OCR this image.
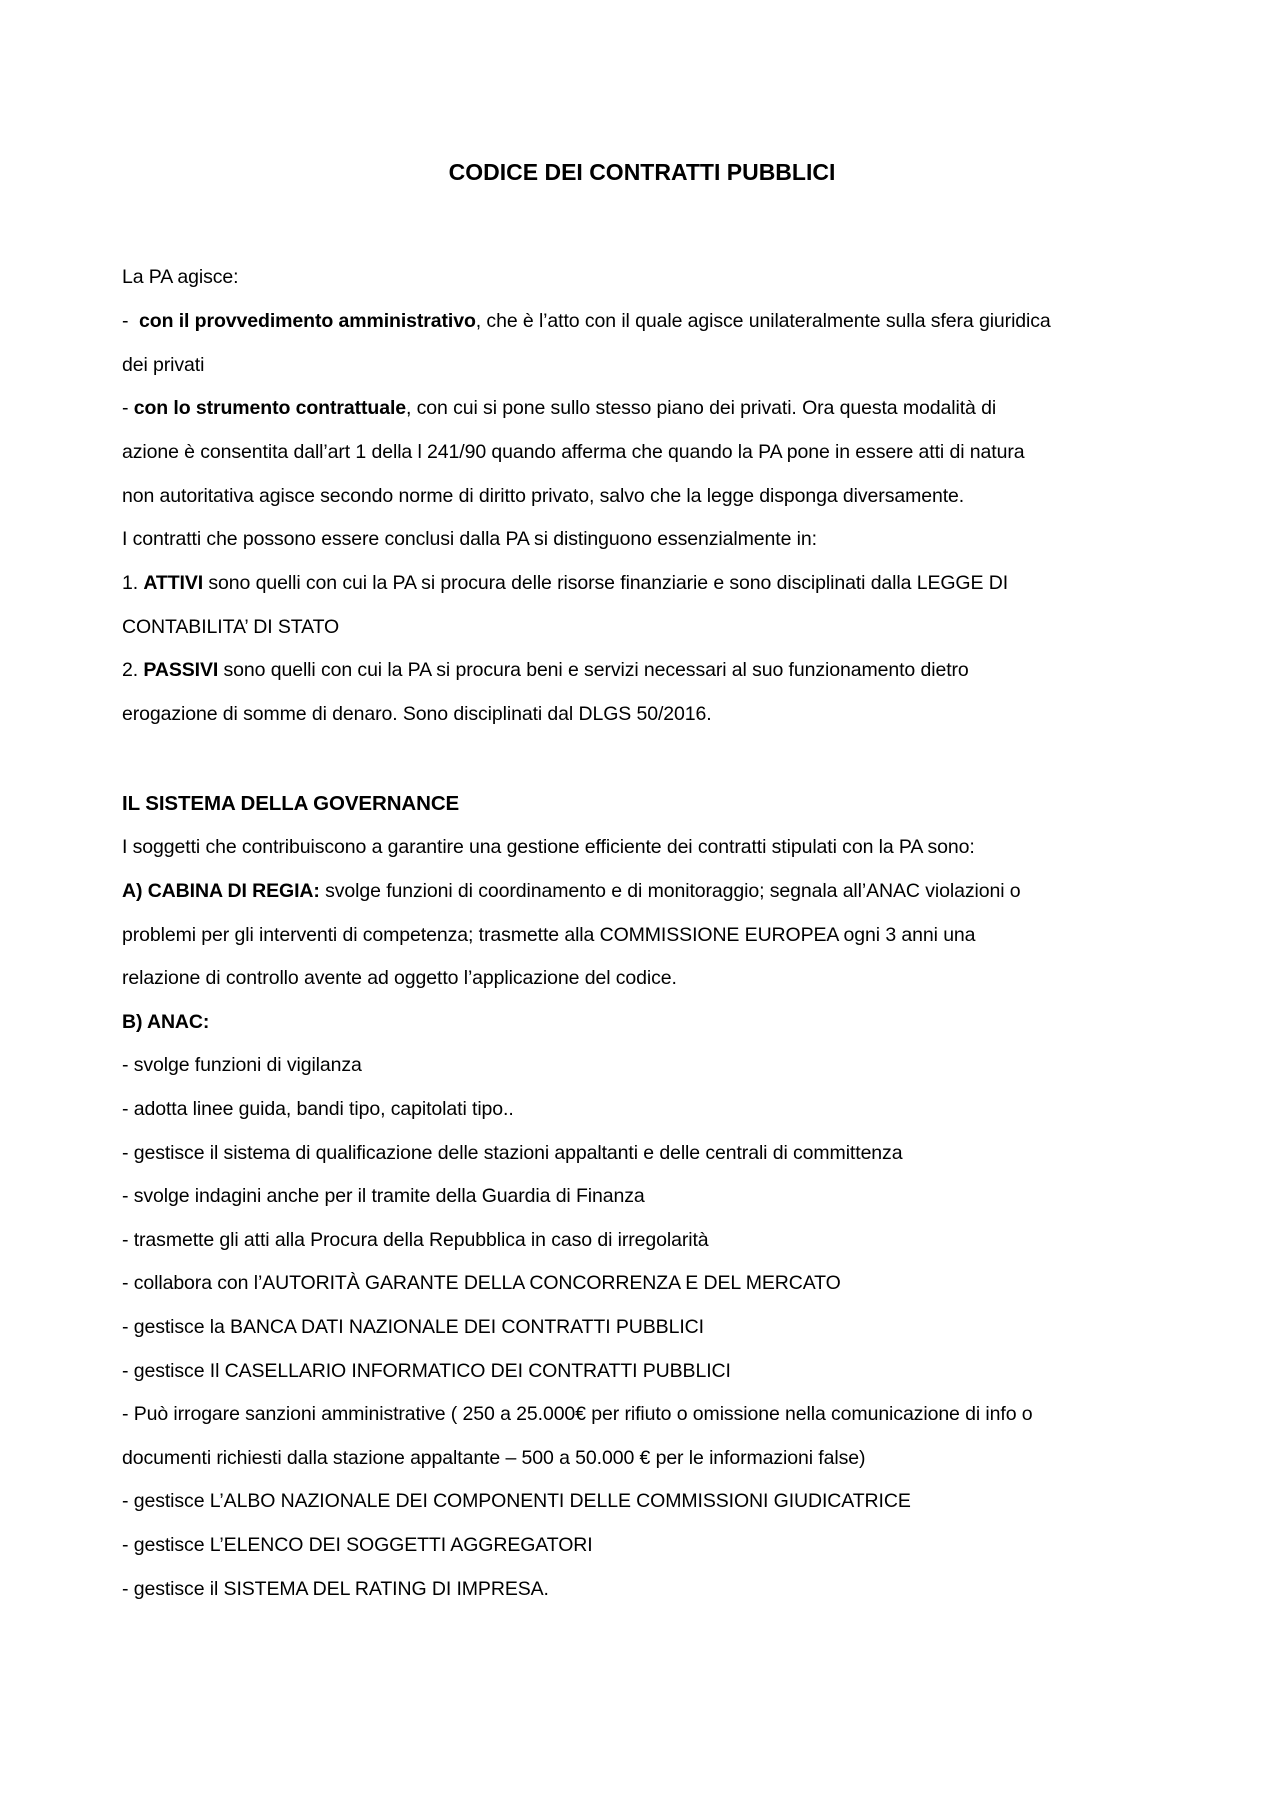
CODICE DEI CONTRATTI PUBBLICI
La PA agisce:
-  con il provvedimento amministrativo, che è l’atto con il quale agisce unilateralmente sulla sfera giuridica
dei privati
- con lo strumento contrattuale, con cui si pone sullo stesso piano dei privati. Ora questa modalità di
azione è consentita dall’art 1 della l 241/90 quando afferma che quando la PA pone in essere atti di natura
non autoritativa agisce secondo norme di diritto privato, salvo che la legge disponga diversamente.
I contratti che possono essere conclusi dalla PA si distinguono essenzialmente in:
1. ATTIVI sono quelli con cui la PA si procura delle risorse finanziarie e sono disciplinati dalla LEGGE DI
CONTABILITA’ DI STATO
2. PASSIVI sono quelli con cui la PA si procura beni e servizi necessari al suo funzionamento dietro
erogazione di somme di denaro. Sono disciplinati dal DLGS 50/2016.
IL SISTEMA DELLA GOVERNANCE
I soggetti che contribuiscono a garantire una gestione efficiente dei contratti stipulati con la PA sono:
A) CABINA DI REGIA: svolge funzioni di coordinamento e di monitoraggio; segnala all’ANAC violazioni o
problemi per gli interventi di competenza; trasmette alla COMMISSIONE EUROPEA ogni 3 anni una
relazione di controllo avente ad oggetto l’applicazione del codice.
B) ANAC:
- svolge funzioni di vigilanza
- adotta linee guida, bandi tipo, capitolati tipo..
- gestisce il sistema di qualificazione delle stazioni appaltanti e delle centrali di committenza
- svolge indagini anche per il tramite della Guardia di Finanza
- trasmette gli atti alla Procura della Repubblica in caso di irregolarità
- collabora con l’AUTORITÀ GARANTE DELLA CONCORRENZA E DEL MERCATO
- gestisce la BANCA DATI NAZIONALE DEI CONTRATTI PUBBLICI
- gestisce Il CASELLARIO INFORMATICO DEI CONTRATTI PUBBLICI
- Può irrogare sanzioni amministrative ( 250 a 25.000€ per rifiuto o omissione nella comunicazione di info o
documenti richiesti dalla stazione appaltante – 500 a 50.000 € per le informazioni false)
- gestisce L’ALBO NAZIONALE DEI COMPONENTI DELLE COMMISSIONI GIUDICATRICE
- gestisce L’ELENCO DEI SOGGETTI AGGREGATORI
- gestisce il SISTEMA DEL RATING DI IMPRESA.
